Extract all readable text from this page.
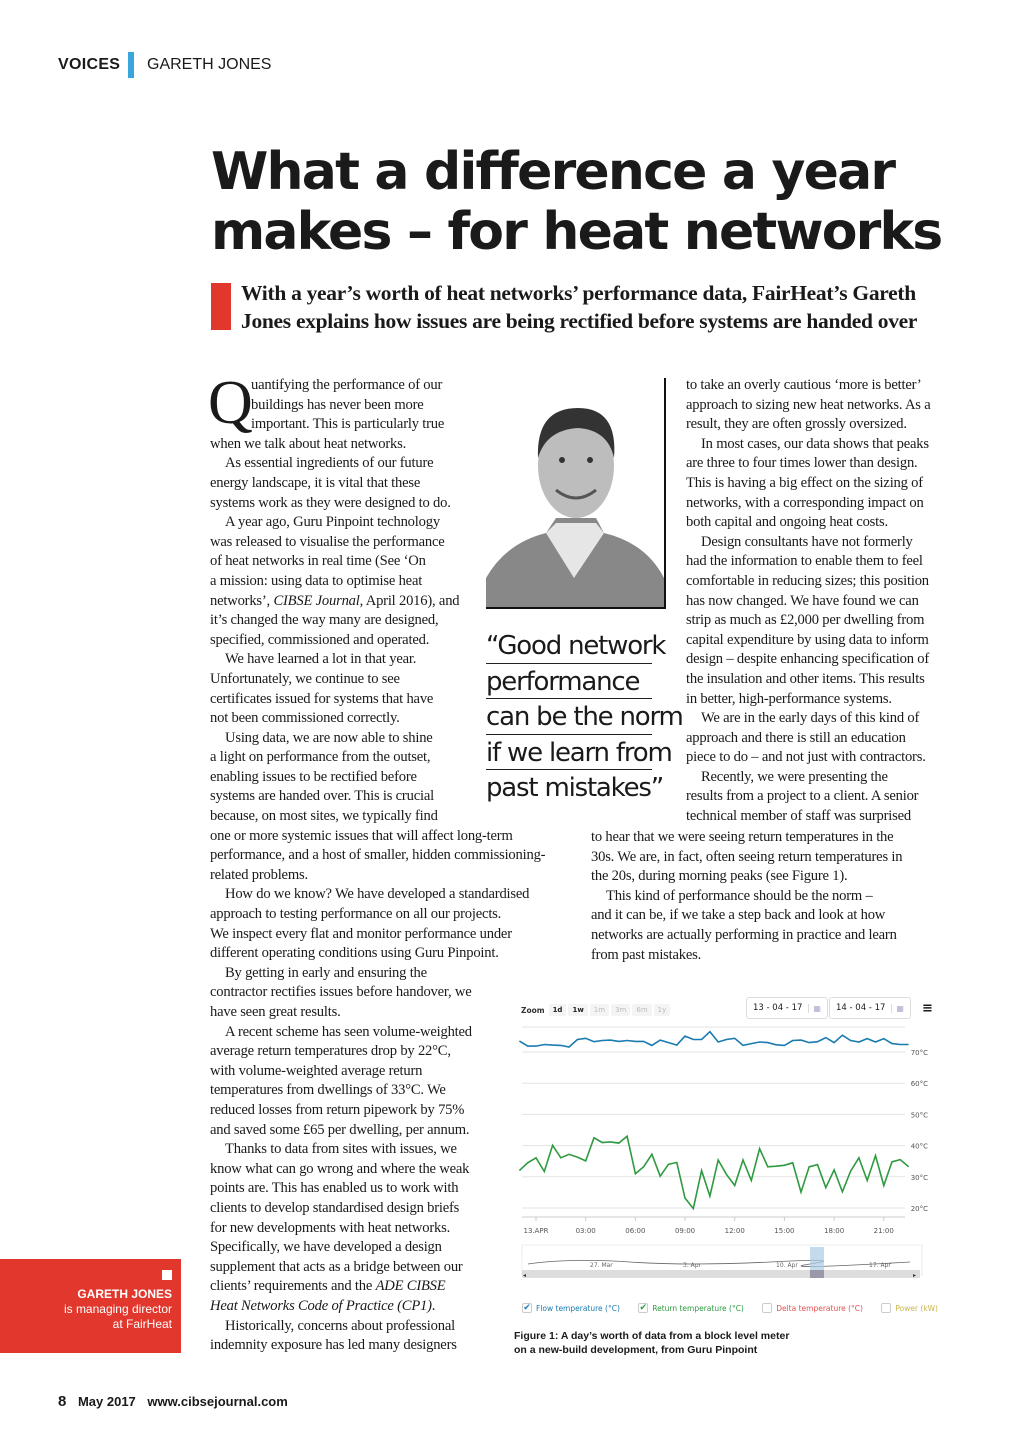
VOICES GARETH JONES
What a difference a year
makes – for heat networks
With a year’s worth of heat networks’ performance data, FairHeat’s Gareth
Jones explains how issues are being rectified before systems are handed over
Q
uantifying the performance of our
buildings has never been more
important. This is particularly true
when we talk about heat networks.
As essential ingredients of our future
energy landscape, it is vital that these
systems work as they were designed to do.
A year ago, Guru Pinpoint technology
was released to visualise the performance
of heat networks in real time (See ‘On
a mission: using data to optimise heat
networks’, CIBSE Journal, April 2016), and
it’s changed the way many are designed,
specified, commissioned and operated.
We have learned a lot in that year.
Unfortunately, we continue to see
certificates issued for systems that have
not been commissioned correctly.
Using data, we are now able to shine
a light on performance from the outset,
enabling issues to be rectified before
systems are handed over. This is crucial
because, on most sites, we typically find
one or more systemic issues that will affect long-term
performance, and a host of smaller, hidden commissioning-
related problems.
How do we know? We have developed a standardised
approach to testing performance on all our projects.
We inspect every flat and monitor performance under
different operating conditions using Guru Pinpoint.
By getting in early and ensuring the
contractor rectifies issues before handover, we
have seen great results.
A recent scheme has seen volume-weighted
average return temperatures drop by 22°C,
with volume-weighted average return
temperatures from dwellings of 33°C. We
reduced losses from return pipework by 75%
and saved some £65 per dwelling, per annum.
Thanks to data from sites with issues, we
know what can go wrong and where the weak
points are. This has enabled us to work with
clients to develop standardised design briefs
for new developments with heat networks.
Specifically, we have developed a design
supplement that acts as a bridge between our
clients’ requirements and the ADE CIBSE
Heat Networks Code of Practice (CP1).
Historically, concerns about professional
indemnity exposure has led many designers
to take an overly cautious ‘more is better’
approach to sizing new heat networks. As a
result, they are often grossly oversized.
In most cases, our data shows that peaks
are three to four times lower than design.
This is having a big effect on the sizing of
networks, with a corresponding impact on
both capital and ongoing heat costs.
Design consultants have not formerly
had the information to enable them to feel
comfortable in reducing sizes; this position
has now changed. We have found we can
strip as much as £2,000 per dwelling from
capital expenditure by using data to inform
design – despite enhancing specification of
the insulation and other items. This results
in better, high-performance systems.
We are in the early days of this kind of
approach and there is still an education
piece to do – and not just with contractors.
Recently, we were presenting the
results from a project to a client. A senior
technical member of staff was surprised
to hear that we were seeing return temperatures in the
30s. We are, in fact, often seeing return temperatures in
the 20s, during morning peaks (see Figure 1).
This kind of performance should be the norm –
and it can be, if we take a step back and look at how
networks are actually performing in practice and learn
from past mistakes.
“Good network
performance
can be the norm
if we learn from
past mistakes”
Zoom	1d	1w	1m	3m	6m	1y	13 - 04 - 17	▦ 14 - 04 - 17	▦ ≡
70°C
60°C
50°C
40°C
30°C
20°C
13.APR	03:00	06:00	09:00	12:00	15:00	18:00	21:00
◂	▸
27. Mar	3. Apr	10. Apr	17. Apr
✔ Flow temperature (°C) ✔ Return temperature (°C)	Delta temperature (°C)	Power (kW)
Figure 1: A day’s worth of data from a block level meter
on a new-build development, from Guru Pinpoint
GARETH JONES
is managing director
at FairHeat
8 May 2017 www.cibsejournal.com
